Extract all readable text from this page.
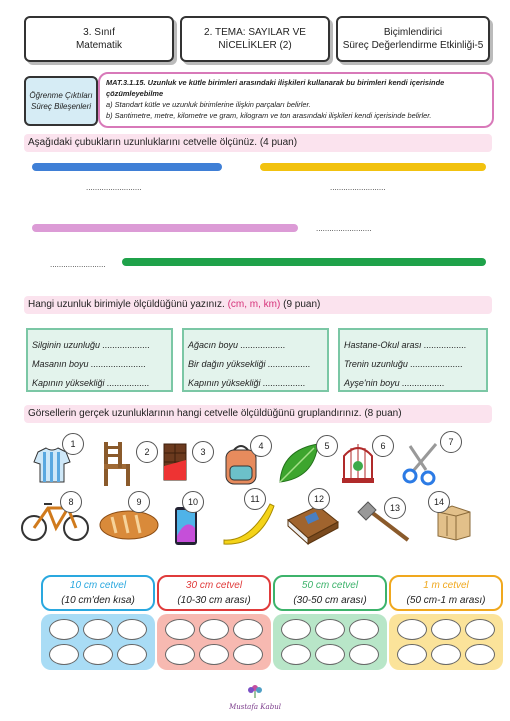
3. Sınıf
Matematik
2. TEMA: SAYILAR VE
NİCELİKLER (2)
Biçimlendirici
Süreç Değerlendirme Etkinliği-5
Öğrenme Çıktıları
Süreç Bileşenleri
MAT.3.1.15. Uzunluk ve kütle birimleri arasındaki ilişkileri kullanarak bu birimleri kendi içerisinde çözümleyebilme
a) Standart kütle ve uzunluk birimlerine ilişkin parçaları belirler.
b) Santimetre, metre, kilometre ve gram, kilogram ve ton arasındaki ilişkileri kendi içerisinde belirler.
Aşağıdaki çubukların uzunluklarını cetvelle ölçünüz. (4 puan)
.........................	.........................
.........................
.........................
Hangi uzunluk birimiyle ölçüldüğünü yazınız. (cm, m, km) (9 puan)
Silginin uzunluğu ...................
Masanın boyu ......................
Kapının yüksekliği .................
Ağacın boyu ..................
Bir dağın yüksekliği .................
Kapının yüksekliği .................
Hastane-Okul arası .................
Trenin uzunluğu .....................
Ayşe'nin boyu .................
Görsellerin gerçek uzunluklarının hangi cetvelle ölçüldüğünü gruplandırınız. (8 puan)
1
2	3
4	5	6	7
8	9	10	11	12
13
14
10 cm cetvel
(10 cm'den kısa)
30 cm cetvel
(10-30 cm arası)
50 cm cetvel
(30-50 cm arası)
1 m cetvel
(50 cm-1 m arası)
Mustafa Kabul
